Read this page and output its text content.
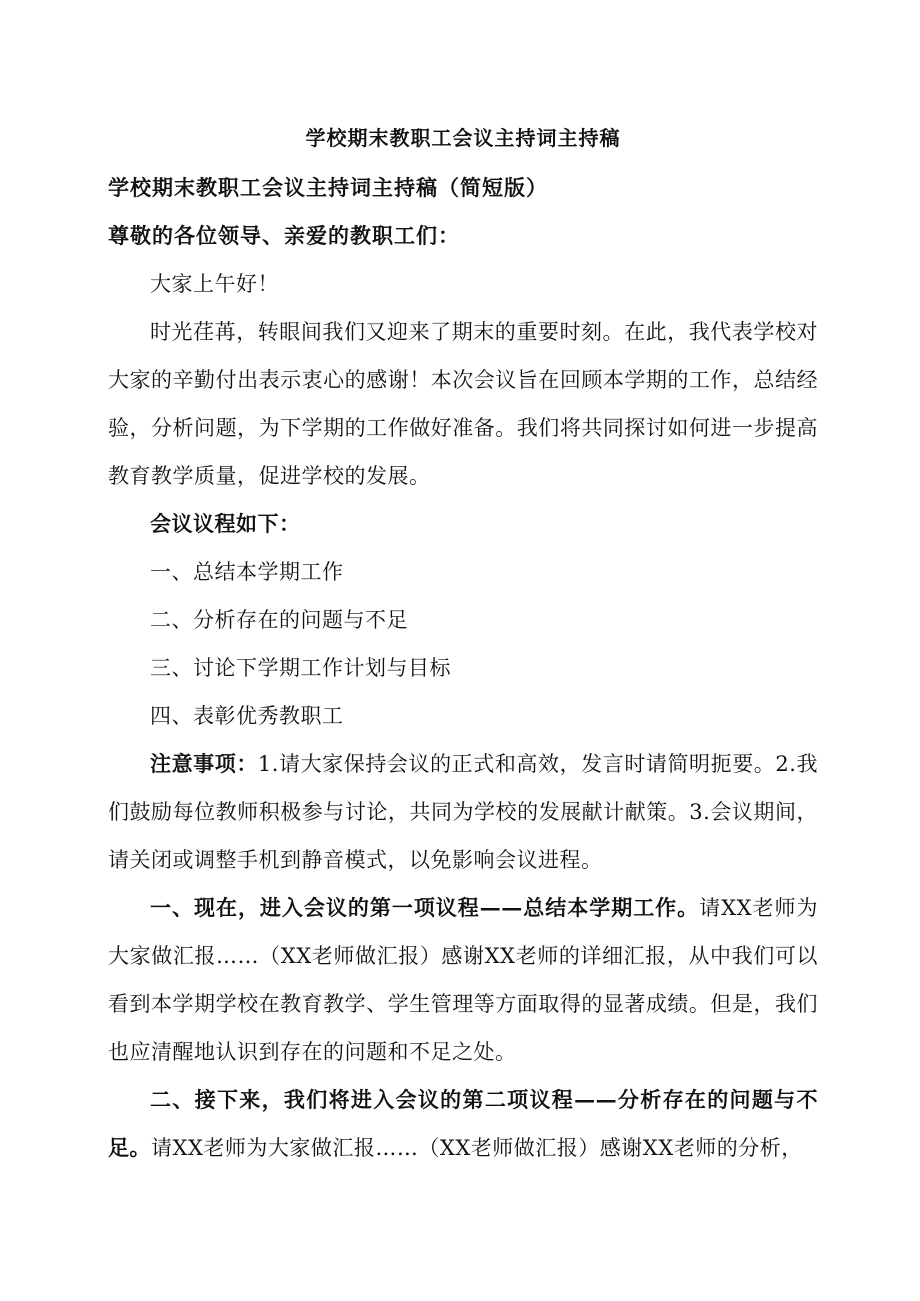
学校期末教职工会议主持词主持稿
学校期末教职工会议主持词主持稿（简短版）
尊敬的各位领导、亲爱的教职工们：

大家上午好！

时光荏苒，转眼间我们又迎来了期末的重要时刻。在此，我代表学校对大家的辛勤付出表示衷心的感谢！本次会议旨在回顾本学期的工作，总结经验，分析问题，为下学期的工作做好准备。我们将共同探讨如何进一步提高教育教学质量，促进学校的发展。

会议议程如下：

一、总结本学期工作

二、分析存在的问题与不足

三、讨论下学期工作计划与目标

四、表彰优秀教职工

注意事项：1.请大家保持会议的正式和高效，发言时请简明扼要。2.我们鼓励每位教师积极参与讨论，共同为学校的发展献计献策。3.会议期间，请关闭或调整手机到静音模式，以免影响会议进程。

一、现在，进入会议的第一项议程——总结本学期工作。请XX老师为大家做汇报……（XX老师做汇报）感谢XX老师的详细汇报，从中我们可以看到本学期学校在教育教学、学生管理等方面取得的显著成绩。但是，我们也应清醒地认识到存在的问题和不足之处。

二、接下来，我们将进入会议的第二项议程——分析存在的问题与不足。请XX老师为大家做汇报……（XX老师做汇报）感谢XX老师的分析，
